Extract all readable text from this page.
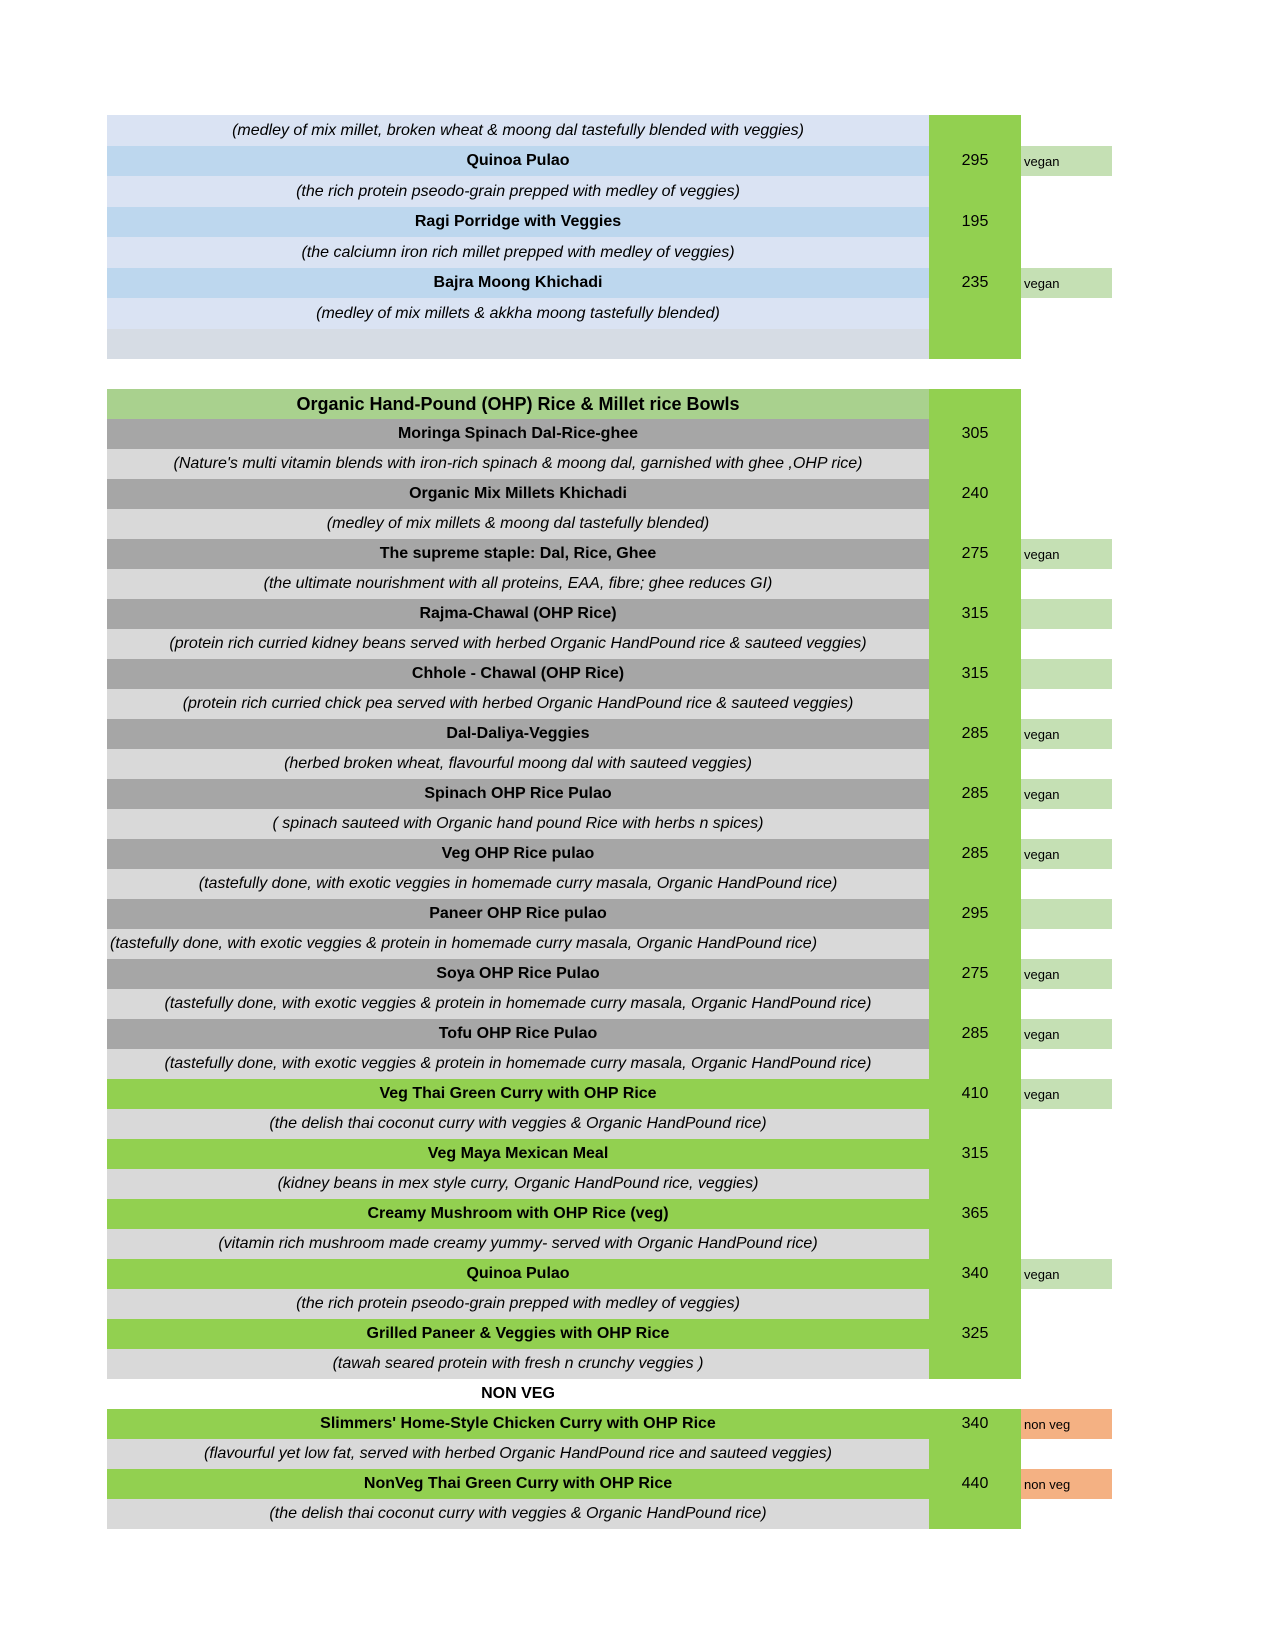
(medley of mix millet, broken wheat & moong dal tastefully blended with veggies)
Quinoa Pulao	295	vegan
(the rich protein pseodo-grain prepped with medley of veggies)
Ragi Porridge with Veggies	195
(the calciumn iron rich millet prepped with medley of veggies)
Bajra Moong Khichadi	235	vegan
(medley of mix millets & akkha moong tastefully blended)
Organic Hand-Pound (OHP) Rice & Millet rice Bowls
Moringa Spinach Dal-Rice-ghee	305
(Nature's multi vitamin blends with iron-rich spinach & moong dal, garnished with ghee ,OHP rice)
Organic Mix Millets Khichadi	240
(medley of mix millets & moong dal tastefully blended)
The supreme staple: Dal, Rice, Ghee	275	vegan
(the ultimate nourishment with all proteins, EAA, fibre; ghee reduces GI)
Rajma-Chawal (OHP Rice)	315
(protein rich curried kidney beans served with herbed Organic HandPound rice & sauteed veggies)
Chhole - Chawal (OHP Rice)	315
(protein rich curried chick pea served with herbed Organic HandPound rice & sauteed veggies)
Dal-Daliya-Veggies	285	vegan
(herbed broken wheat, flavourful moong dal with sauteed veggies)
Spinach OHP Rice Pulao	285	vegan
( spinach sauteed with Organic hand pound Rice with herbs n spices)
Veg OHP Rice pulao	285	vegan
(tastefully done, with exotic veggies in homemade curry masala, Organic HandPound rice)
Paneer OHP Rice pulao	295
(tastefully done, with exotic veggies & protein in homemade curry masala, Organic HandPound rice)
Soya OHP Rice Pulao	275	vegan
(tastefully done, with exotic veggies & protein in homemade curry masala, Organic HandPound rice)
Tofu OHP Rice Pulao	285	vegan
(tastefully done, with exotic veggies & protein in homemade curry masala, Organic HandPound rice)
Veg Thai Green Curry with OHP Rice	410	vegan
(the delish thai coconut curry with veggies & Organic HandPound rice)
Veg Maya Mexican Meal	315
(kidney beans in mex style curry, Organic HandPound rice, veggies)
Creamy Mushroom with OHP Rice (veg)	365
(vitamin rich mushroom made creamy yummy- served with Organic HandPound rice)
Quinoa Pulao	340	vegan
(the rich protein pseodo-grain prepped with medley of veggies)
Grilled Paneer & Veggies with OHP Rice	325
(tawah seared protein with fresh n crunchy veggies )
NON VEG
Slimmers' Home-Style Chicken Curry with OHP Rice	340	non veg
(flavourful yet low fat, served with herbed Organic HandPound rice and sauteed veggies)
NonVeg Thai Green Curry with OHP Rice	440	non veg
(the delish thai coconut curry with veggies & Organic HandPound rice)
